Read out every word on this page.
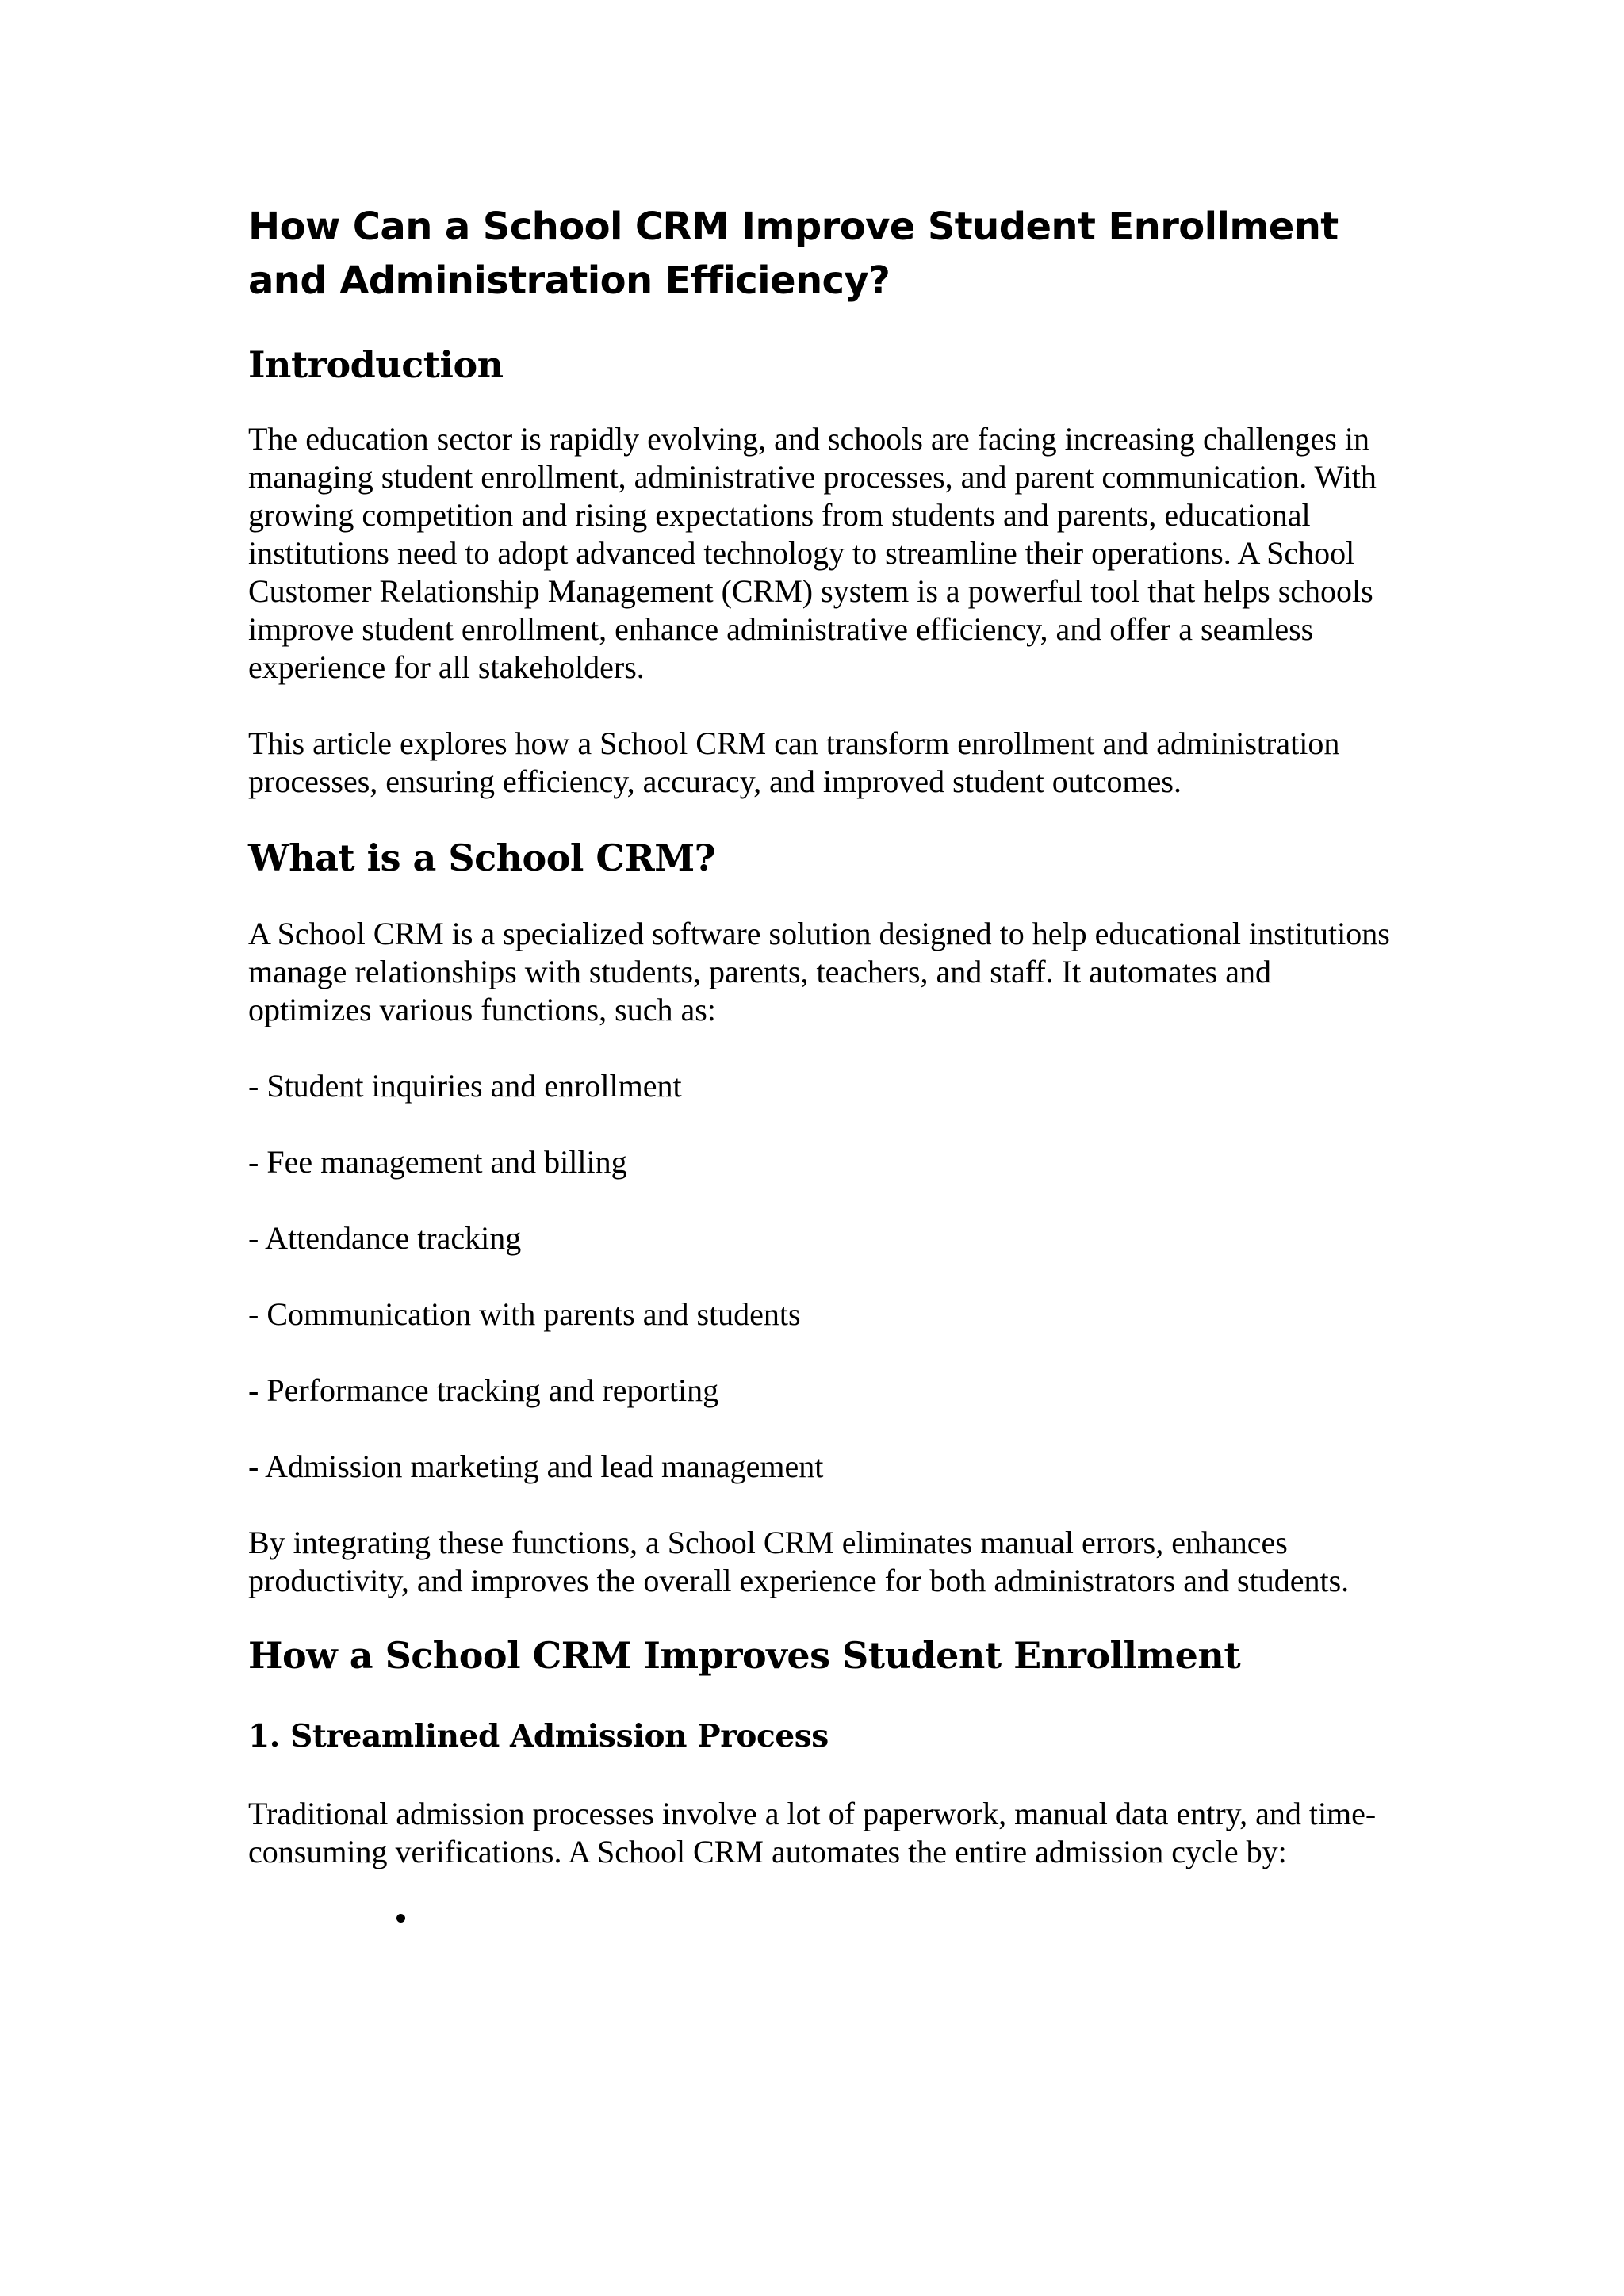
How Can a School CRM Improve Student Enrollment and Administration Efficiency?
Introduction

The education sector is rapidly evolving, and schools are facing increasing challenges in managing student enrollment, administrative processes, and parent communication. With growing competition and rising expectations from students and parents, educational institutions need to adopt advanced technology to streamline their operations. A School Customer Relationship Management (CRM) system is a powerful tool that helps schools improve student enrollment, enhance administrative efficiency, and offer a seamless experience for all stakeholders.

This article explores how a School CRM can transform enrollment and administration processes, ensuring efficiency, accuracy, and improved student outcomes.

What is a School CRM?

A School CRM is a specialized software solution designed to help educational institutions manage relationships with students, parents, teachers, and staff. It automates and optimizes various functions, such as:

- Student inquiries and enrollment

- Fee management and billing

- Attendance tracking

- Communication with parents and students

- Performance tracking and reporting

- Admission marketing and lead management

By integrating these functions, a School CRM eliminates manual errors, enhances productivity, and improves the overall experience for both administrators and students.

How a School CRM Improves Student Enrollment
1. Streamlined Admission Process

Traditional admission processes involve a lot of paperwork, manual data entry, and time-consuming verifications. A School CRM automates the entire admission cycle by:
